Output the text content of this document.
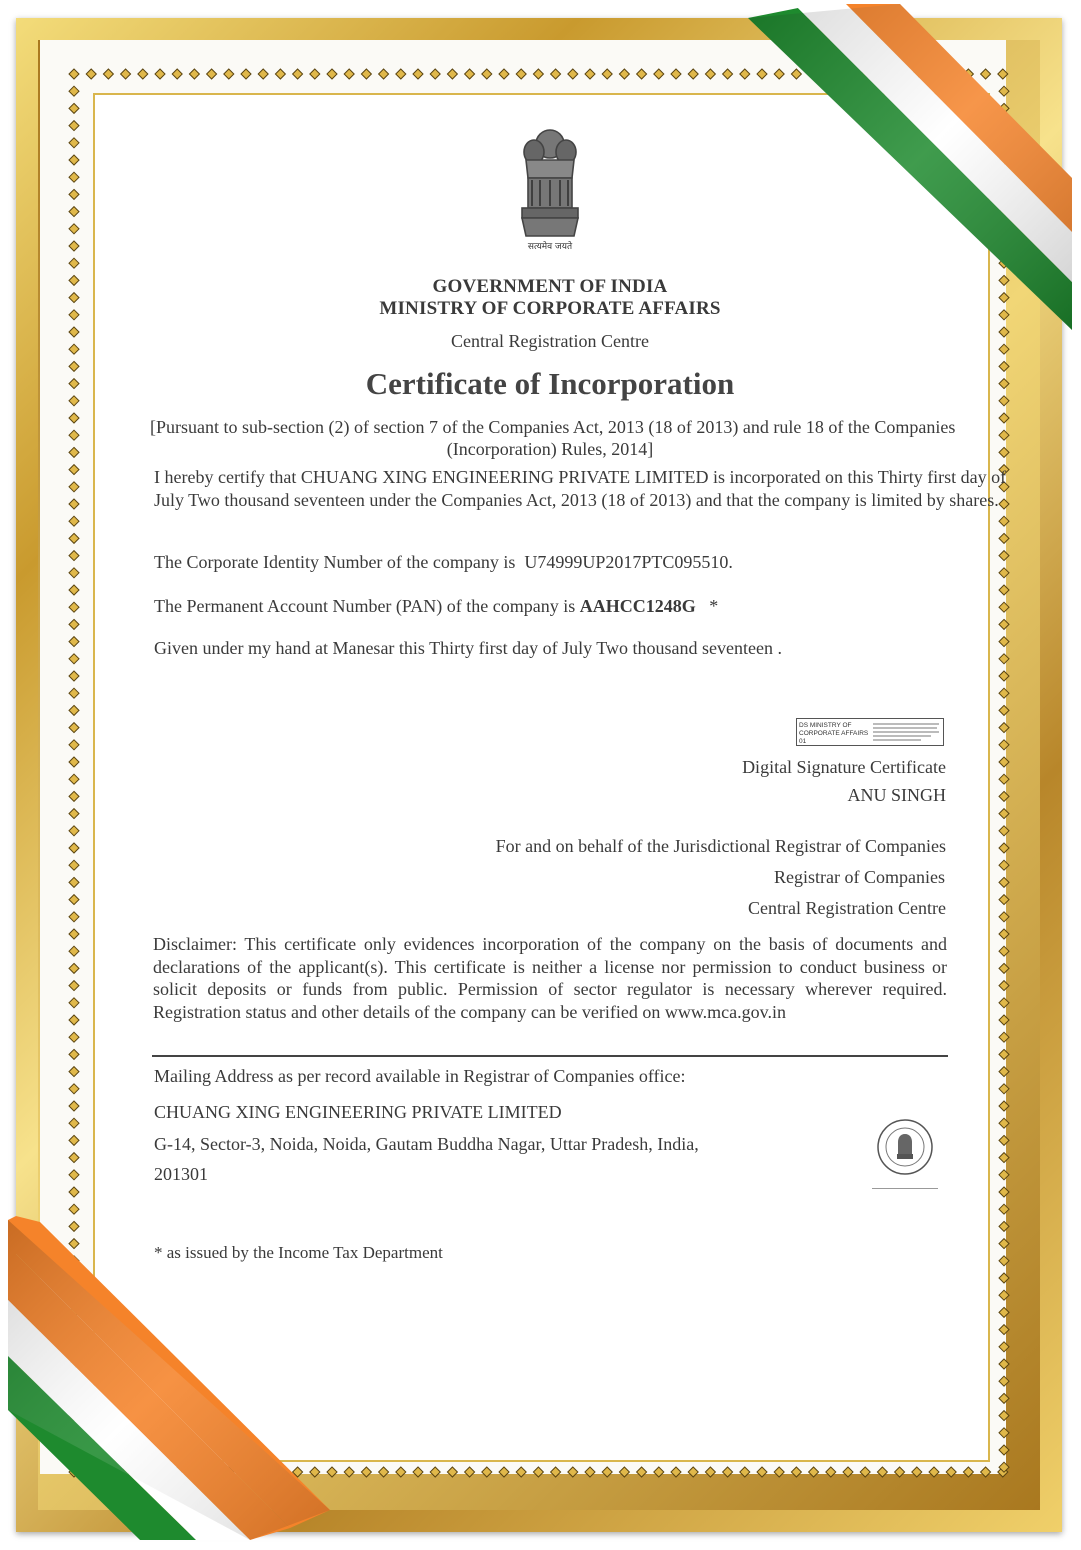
सत्यमेव जयते
GOVERNMENT OF INDIA
MINISTRY OF CORPORATE AFFAIRS
Central Registration Centre
Certificate of Incorporation
[Pursuant to sub-section (2) of section 7 of the Companies Act, 2013 (18 of 2013) and rule 18 of the Companies
(Incorporation) Rules, 2014]
I hereby certify that CHUANG XING ENGINEERING PRIVATE LIMITED is incorporated on this Thirty first day of
July Two thousand seventeen under the Companies Act, 2013 (18 of 2013) and that the company is limited by shares.
The Corporate Identity Number of the company is U74999UP2017PTC095510.
The Permanent Account Number (PAN) of the company is AAHCC1248G *
Given under my hand at Manesar this Thirty first day of July Two thousand seventeen .
DS MINISTRY OF CORPORATE AFFAIRS 01
Digital Signature Certificate
ANU SINGH
For and on behalf of the Jurisdictional Registrar of Companies
Registrar of Companies
Central Registration Centre
Disclaimer: This certificate only evidences incorporation of the company on the basis of documents and declarations of the applicant(s). This certificate is neither a license nor permission to conduct business or solicit deposits or funds from public. Permission of sector regulator is necessary wherever required. Registration status and other details of the company can be verified on www.mca.gov.in
Mailing Address as per record available in Registrar of Companies office:
CHUANG XING ENGINEERING PRIVATE LIMITED
G-14, Sector-3, Noida, Noida, Gautam Buddha Nagar, Uttar Pradesh, India,
201301
* as issued by the Income Tax Department
